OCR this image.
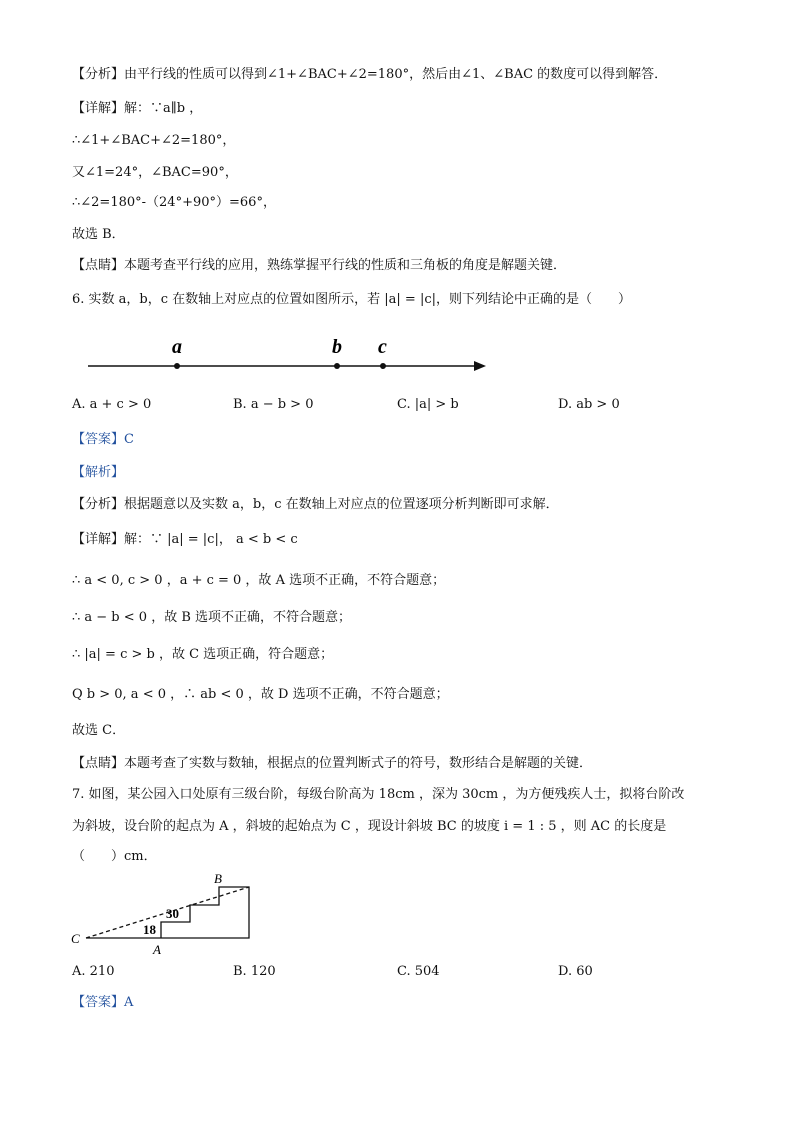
【分析】由平行线的性质可以得到∠1+∠BAC+∠2=180°，然后由∠1、∠BAC 的数度可以得到解答．
【详解】解：∵a∥b ，
∴∠1+∠BAC+∠2=180°，
又∠1=24°，∠BAC=90°，
∴∠2=180°-（24°+90°）=66°，
故选 B．
【点睛】本题考查平行线的应用，熟练掌握平行线的性质和三角板的角度是解题关键．
6. 实数 a，b，c 在数轴上对应点的位置如图所示，若 |a| = |c|，则下列结论中正确的是（　　）
a	b c
A. a + c > 0	B. a − b > 0	C. |a| > b	D. ab > 0
【答案】C
【解析】
【分析】根据题意以及实数 a，b，c 在数轴上对应点的位置逐项分析判断即可求解．
【详解】解：∵ |a| = |c|， a < b < c
∴ a < 0, c > 0 ，a + c = 0 ，故 A 选项不正确，不符合题意；
∴ a − b < 0 ，故 B 选项不正确，不符合题意；
∴ |a| = c > b ，故 C 选项正确，符合题意；
Q b > 0, a < 0 ，∴ ab < 0 ，故 D 选项不正确，不符合题意；
故选 C．
【点睛】本题考查了实数与数轴，根据点的位置判断式子的符号，数形结合是解题的关键．
7. 如图，某公园入口处原有三级台阶，每级台阶高为 18cm ，深为 30cm ，为方便残疾人士，拟将台阶改
为斜坡，设台阶的起点为 A ，斜坡的起始点为 C ，现设计斜坡 BC 的坡度 i = 1 : 5 ，则 AC 的长度是
（　　）cm．
B
C
A
30
18
A. 210	B. 120	C. 504	D. 60
【答案】A
